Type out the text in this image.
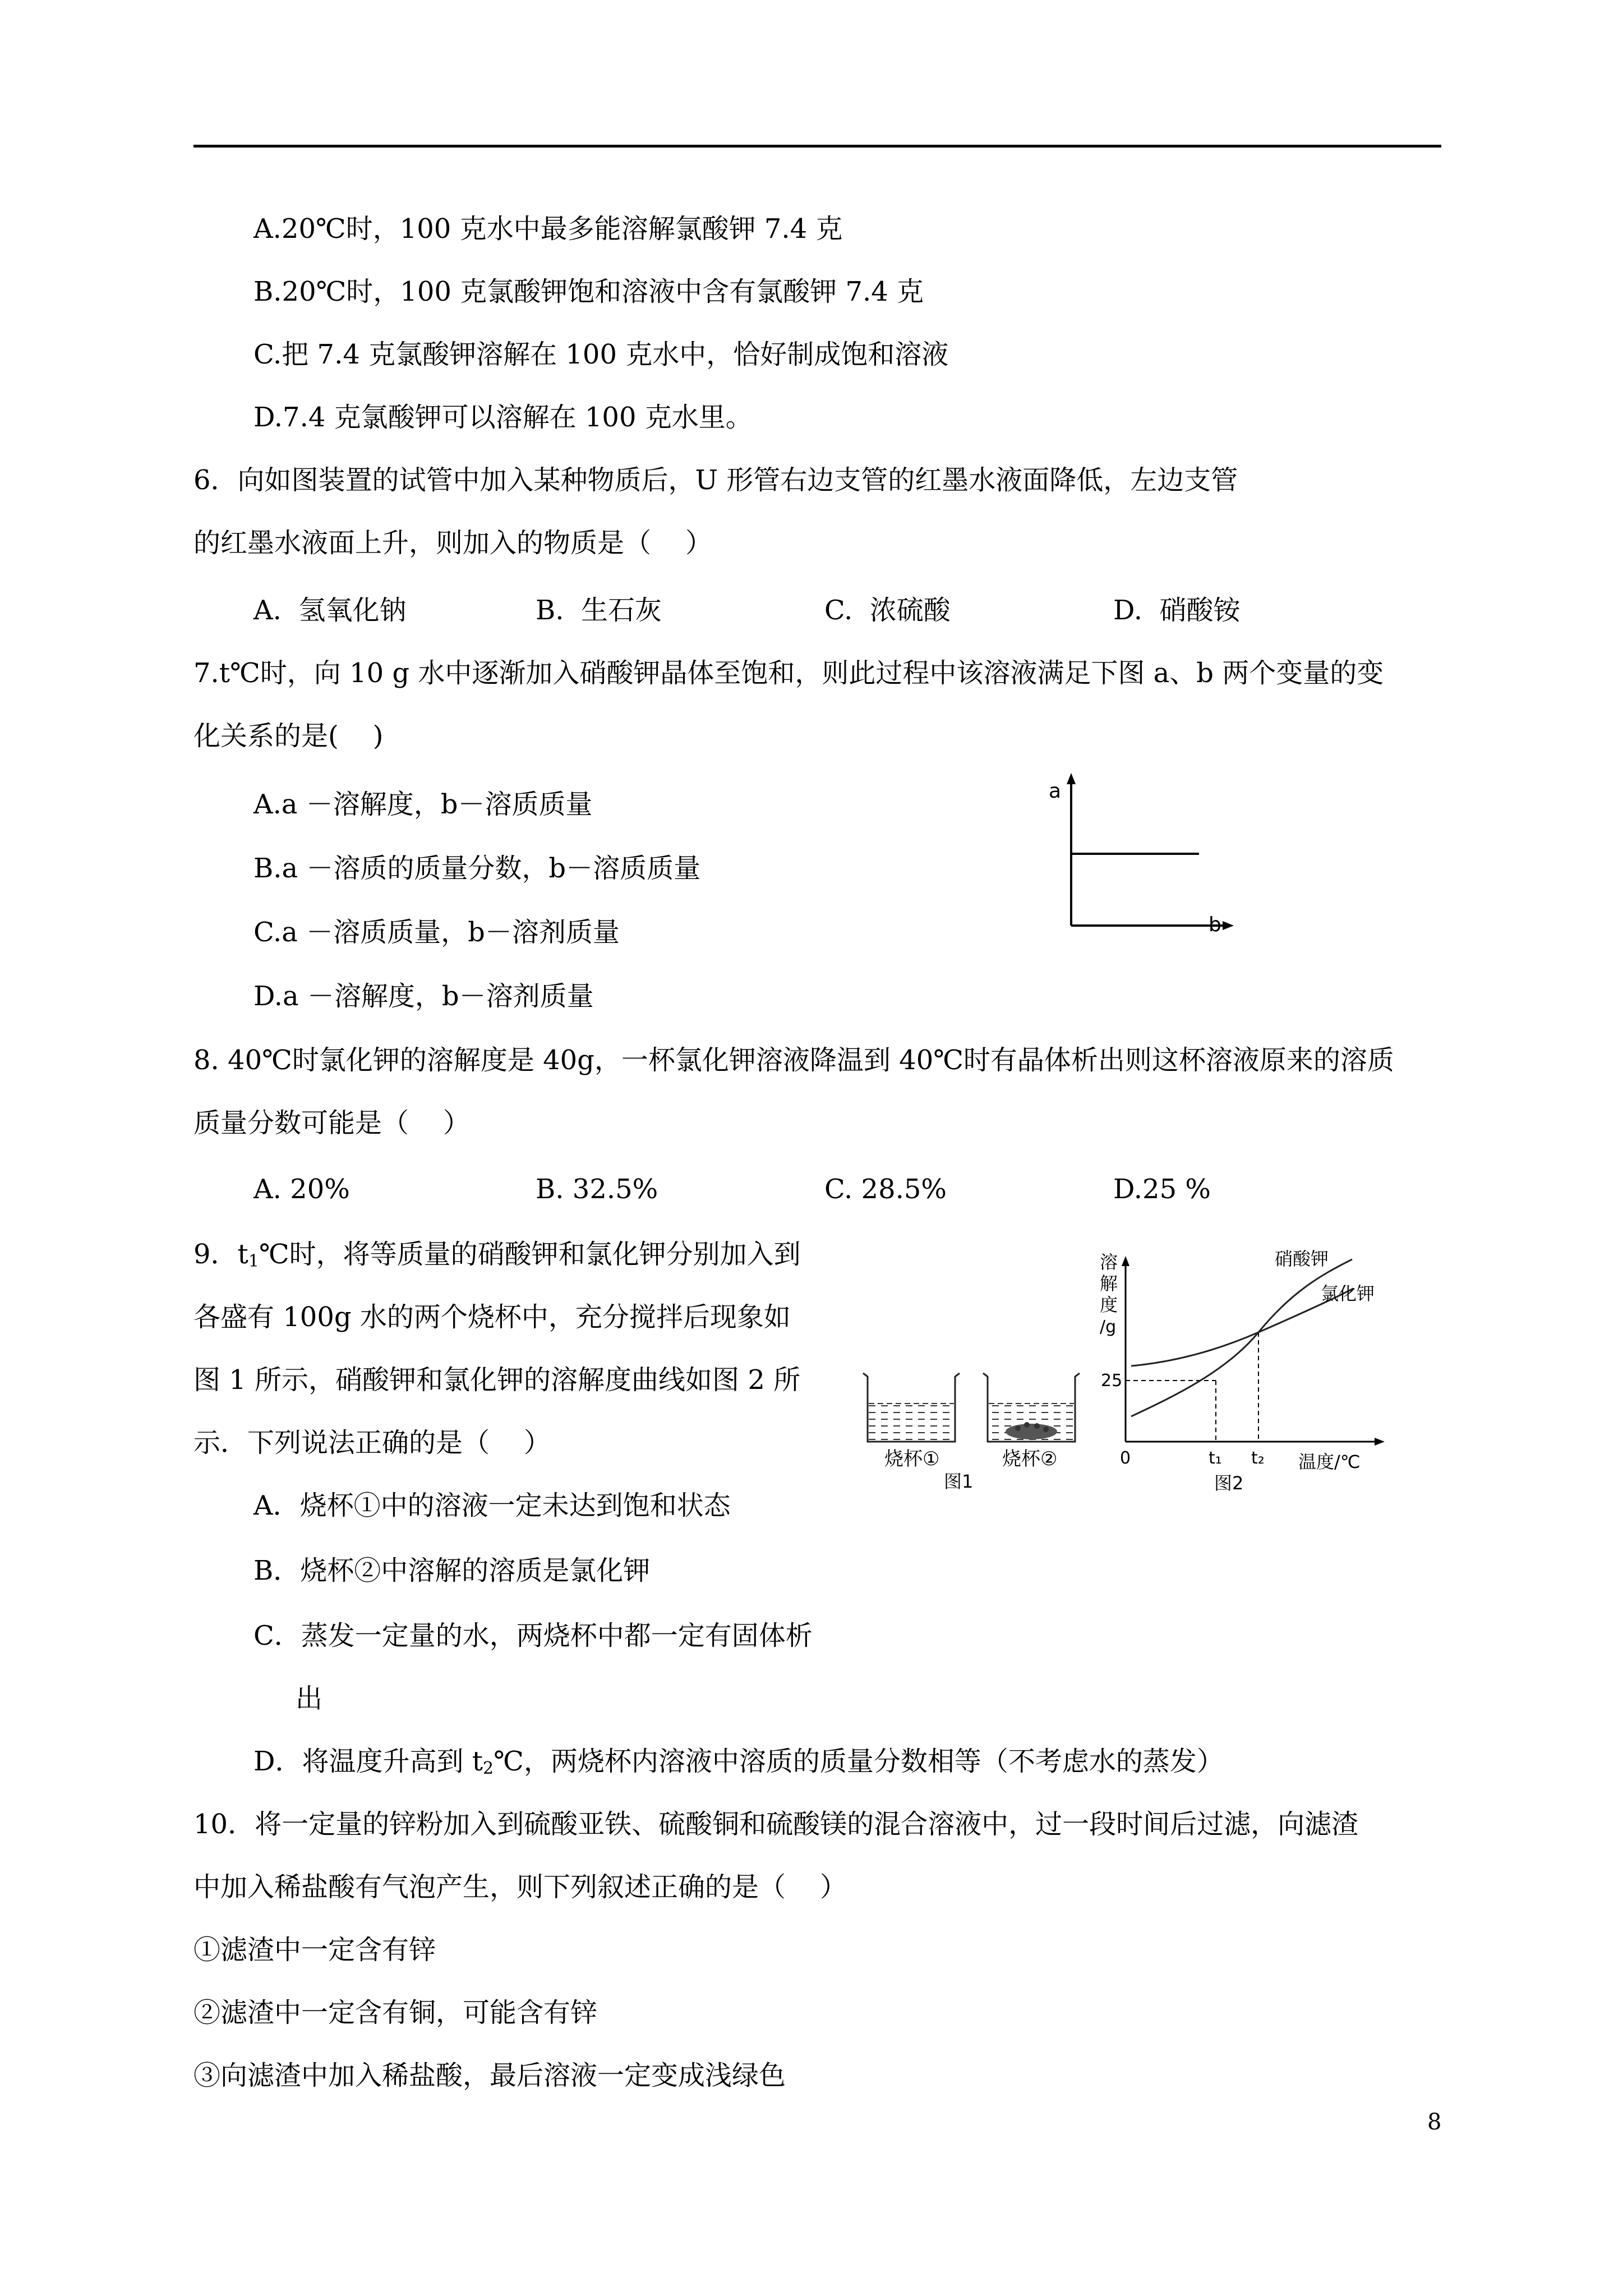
A.20℃时，100 克水中最多能溶解氯酸钾 7.4 克
B.20℃时，100 克氯酸钾饱和溶液中含有氯酸钾 7.4 克
C.把 7.4 克氯酸钾溶解在 100 克水中，恰好制成饱和溶液
D.7.4 克氯酸钾可以溶解在 100 克水里。
6．向如图装置的试管中加入某种物质后，U 形管右边支管的红墨水液面降低，左边支管
的红墨水液面上升，则加入的物质是（    ）
A.  氢氧化钠	B.  生石灰	C.  浓硫酸	D.  硝酸铵
7.t℃时，向 10 g 水中逐渐加入硝酸钾晶体至饱和，则此过程中该溶液满足下图 a、b 两个变量的变
化关系的是(    )
A.a －溶解度，b－溶质质量
B.a －溶质的质量分数，b－溶质质量
C.a －溶质质量，b－溶剂质量
D.a －溶解度，b－溶剂质量
a
b
8. 40℃时氯化钾的溶解度是 40g，一杯氯化钾溶液降温到 40℃时有晶体析出则这杯溶液原来的溶质
质量分数可能是（    ）
A. 20%	B. 32.5%	C. 28.5%	D.25 %
9．$t_1℃$时，将等质量的硝酸钾和氯化钾分别加入到
各盛有 100g 水的两个烧杯中，充分搅拌后现象如
图 1 所示，硝酸钾和氯化钾的溶解度曲线如图 2 所
示．下列说法正确的是（    ）
A．烧杯①中的溶液一定未达到饱和状态
B．烧杯②中溶解的溶质是氯化钾
C．蒸发一定量的水，两烧杯中都一定有固体析
出
D．将温度升高到 $t_2℃$，两烧杯内溶液中溶质的质量分数相等（不考虑水的蒸发）
烧杯①	烧杯②
图1
溶
解
度
/g
25
硝酸钾
氯化钾
0	t₁ t₂ 温度/℃
图2
10．将一定量的锌粉加入到硫酸亚铁、硫酸铜和硫酸镁的混合溶液中，过一段时间后过滤，向滤渣
中加入稀盐酸有气泡产生，则下列叙述正确的是（    ）
①滤渣中一定含有锌
②滤渣中一定含有铜，可能含有锌
③向滤渣中加入稀盐酸，最后溶液一定变成浅绿色
8
